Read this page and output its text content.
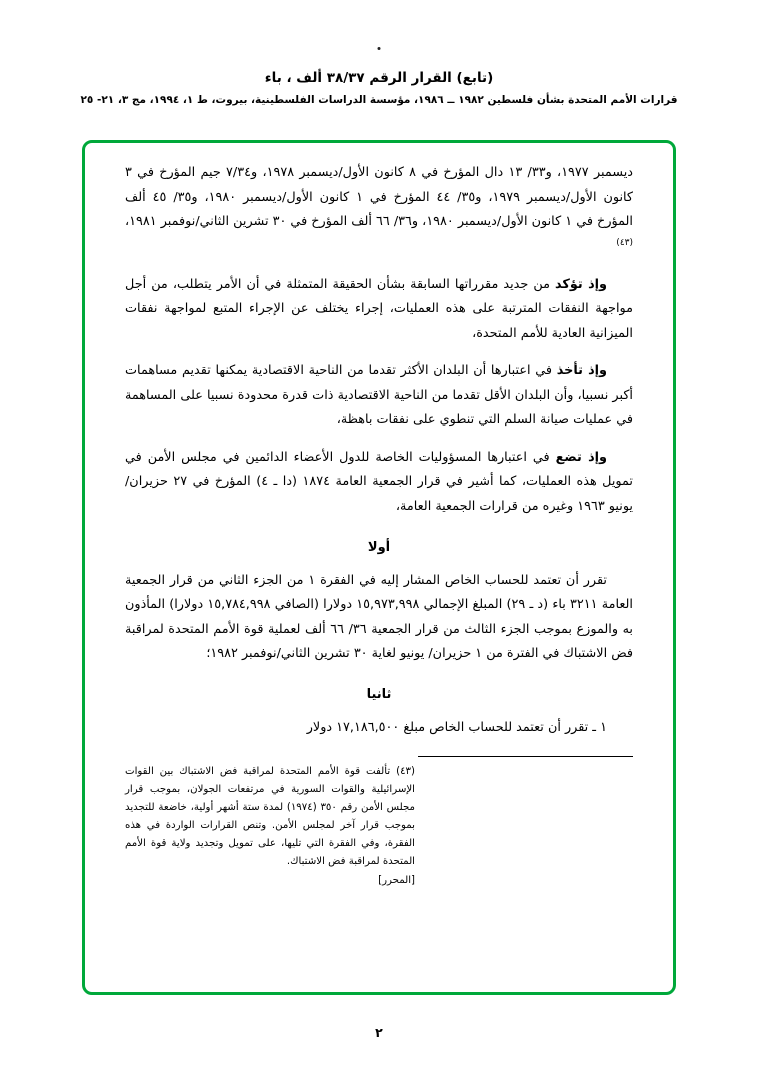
(تابع) القرار الرقم ٣٨/٣٧ ألف ، باء
قرارات الأمم المتحدة بشأن فلسطين ١٩٨٢ ــ ١٩٨٦، مؤسسة الدراسات الفلسطينية، بيروت، ط ١، ١٩٩٤، مج ٣، ٢١- ٢٥

ديسمبر ١٩٧٧، و٣٣/ ١٣ دال المؤرخ في ٨ كانون الأول/ديسمبر ١٩٧٨، و٧/٣٤ جيم المؤرخ في ٣ كانون الأول/ديسمبر ١٩٧٩، و٣٥/ ٤٤ المؤرخ في ١ كانون الأول/ديسمبر ١٩٨٠، و٣٥/ ٤٥ ألف المؤرخ في ١ كانون الأول/ديسمبر ١٩٨٠، و٣٦/ ٦٦ ألف المؤرخ في ٣٠ تشرين الثاني/نوفمبر ١٩٨١،$^{(٤٣)}$

وإذ تؤكد من جديد مقرراتها السابقة بشأن الحقيقة المتمثلة في أن الأمر يتطلب، من أجل مواجهة النفقات المترتبة على هذه العمليات، إجراء يختلف عن الإجراء المتبع لمواجهة نفقات الميزانية العادية للأمم المتحدة،

وإذ تأخذ في اعتبارها أن البلدان الأكثر تقدما من الناحية الاقتصادية يمكنها تقديم مساهمات أكبر نسبيا، وأن البلدان الأقل تقدما من الناحية الاقتصادية ذات قدرة محدودة نسبيا على المساهمة في عمليات صيانة السلم التي تنطوي على نفقات باهظة،

وإذ تضع في اعتبارها المسؤوليات الخاصة للدول الأعضاء الدائمين في مجلس الأمن في تمويل هذه العمليات، كما أشير في قرار الجمعية العامة ١٨٧٤ (دا ـ ٤) المؤرخ في ٢٧ حزيران/ يونيو ١٩٦٣ وغيره من قرارات الجمعية العامة،

أولا

تقرر أن تعتمد للحساب الخاص المشار إليه في الفقرة ١ من الجزء الثاني من قرار الجمعية العامة ٣٢١١ باء (د ـ ٢٩) المبلغ الإجمالي ١٥,٩٧٣,٩٩٨ دولارا (الصافي ١٥,٧٨٤,٩٩٨ دولارا) المأذون به والموزع بموجب الجزء الثالث من قرار الجمعية ٣٦/ ٦٦ ألف لعملية قوة الأمم المتحدة لمراقبة فض الاشتباك في الفترة من ١ حزيران/ يونيو لغاية ٣٠ تشرين الثاني/نوفمبر ١٩٨٢؛

ثانيا

١ ـ تقرر أن تعتمد للحساب الخاص مبلغ ١٧,١٨٦,٥٠٠ دولار

(٤٣) تألفت قوة الأمم المتحدة لمراقبة فض الاشتباك بين القوات الإسرائيلية والقوات السورية في مرتفعات الجولان، بموجب قرار مجلس الأمن رقم ٣٥٠ (١٩٧٤) لمدة ستة أشهر أولية، خاضعة للتجديد بموجب قرار آخر لمجلس الأمن. وتنص القرارات الواردة في هذه الفقرة، وفي الفقرة التي تليها، على تمويل وتجديد ولاية قوة الأمم المتحدة لمراقبة فض الاشتباك.
[المحرر]
٢
